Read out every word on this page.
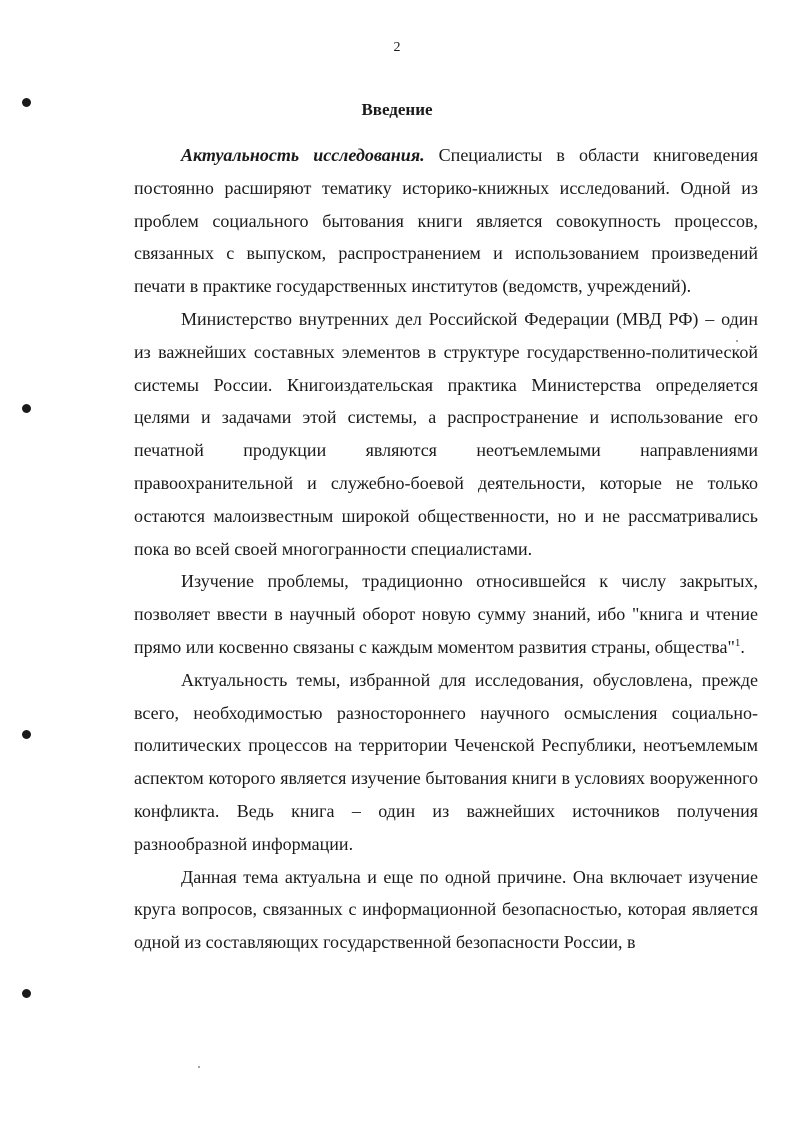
2
Введение

Актуальность исследования. Специалисты в области книговедения постоянно расширяют тематику историко-книжных исследований. Одной из проблем социального бытования книги является совокупность процессов, связанных с выпуском, распространением и использованием произведений печати в практике государственных институтов (ведомств, учреждений).

Министерство внутренних дел Российской Федерации (МВД РФ) – один из важнейших составных элементов в структуре государственно-политической системы России. Книгоиздательская практика Министерства определяется целями и задачами этой системы, а распространение и использование его печатной продукции являются неотъемлемыми направлениями правоохранительной и служебно-боевой деятельности, которые не только остаются малоизвестным широкой общественности, но и не рассматривались пока во всей своей многогранности специалистами.

Изучение проблемы, традиционно относившейся к числу закрытых, позволяет ввести в научный оборот новую сумму знаний, ибо "книга и чтение прямо или косвенно связаны с каждым моментом развития страны, общества"$^1$.

Актуальность темы, избранной для исследования, обусловлена, прежде всего, необходимостью разностороннего научного осмысления социально-политических процессов на территории Чеченской Республики, неотъемлемым аспектом которого является изучение бытования книги в условиях вооруженного конфликта. Ведь книга – один из важнейших источников получения разнообразной информации.

Данная тема актуальна и еще по одной причине. Она включает изучение круга вопросов, связанных с информационной безопасностью, которая является одной из составляющих государственной безопасности России, в
